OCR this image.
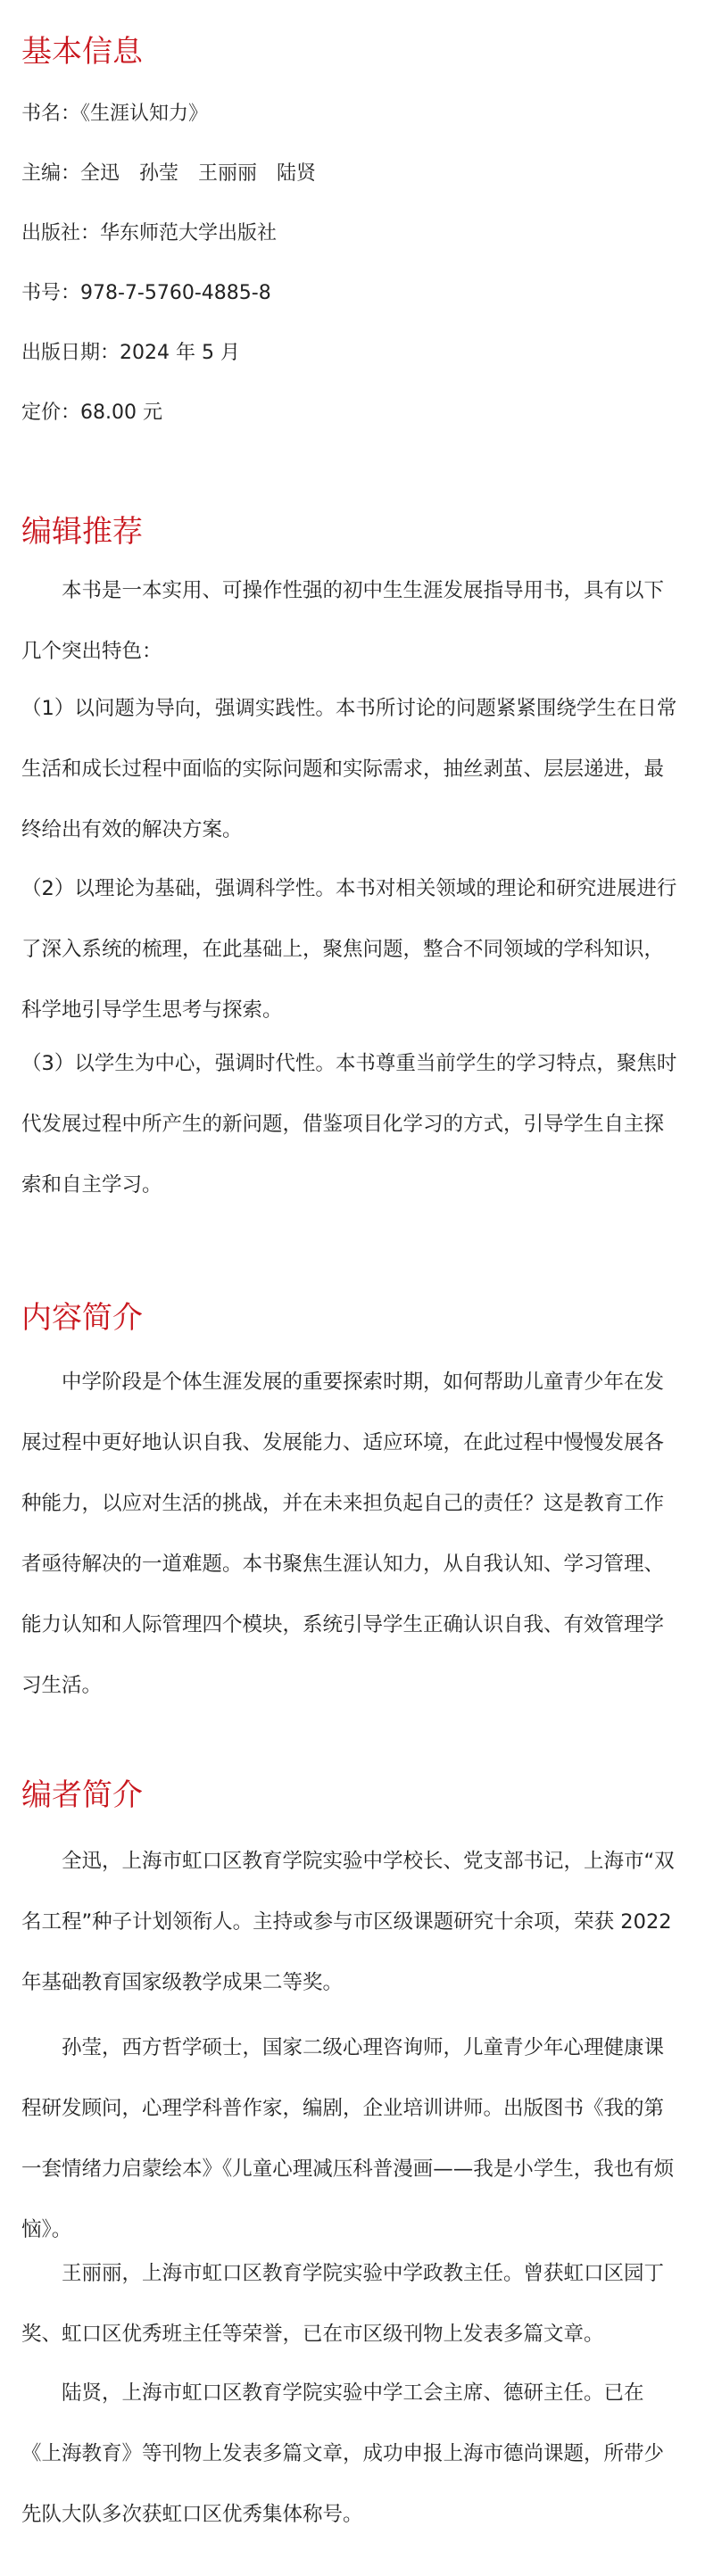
基本信息
书名：《生涯认知力》
主编：全迅　孙莹　王丽丽　陆贤
出版社：华东师范大学出版社
书号：978-7-5760-4885-8
出版日期：2024 年 5 月
定价：68.00 元
编辑推荐

本书是一本实用、可操作性强的初中生生涯发展指导用书，具有以下几个突出特色：

（1）以问题为导向，强调实践性。本书所讨论的问题紧紧围绕学生在日常生活和成长过程中面临的实际问题和实际需求，抽丝剥茧、层层递进，最终给出有效的解决方案。

（2）以理论为基础，强调科学性。本书对相关领域的理论和研究进展进行了深入系统的梳理，在此基础上，聚焦问题，整合不同领域的学科知识，科学地引导学生思考与探索。

（3）以学生为中心，强调时代性。本书尊重当前学生的学习特点，聚焦时代发展过程中所产生的新问题，借鉴项目化学习的方式，引导学生自主探索和自主学习。

内容简介

中学阶段是个体生涯发展的重要探索时期，如何帮助儿童青少年在发展过程中更好地认识自我、发展能力、适应环境，在此过程中慢慢发展各种能力，以应对生活的挑战，并在未来担负起自己的责任？这是教育工作者亟待解决的一道难题。本书聚焦生涯认知力，从自我认知、学习管理、能力认知和人际管理四个模块，系统引导学生正确认识自我、有效管理学习生活。

编者简介

全迅，上海市虹口区教育学院实验中学校长、党支部书记，上海市“双名工程”种子计划领衔人。主持或参与市区级课题研究十余项，荣获 2022 年基础教育国家级教学成果二等奖。

孙莹，西方哲学硕士，国家二级心理咨询师，儿童青少年心理健康课程研发顾问，心理学科普作家，编剧，企业培训讲师。出版图书《我的第一套情绪力启蒙绘本》《儿童心理减压科普漫画——我是小学生，我也有烦恼》。

王丽丽，上海市虹口区教育学院实验中学政教主任。曾获虹口区园丁奖、虹口区优秀班主任等荣誉，已在市区级刊物上发表多篇文章。

陆贤，上海市虹口区教育学院实验中学工会主席、德研主任。已在《上海教育》等刊物上发表多篇文章，成功申报上海市德尚课题，所带少先队大队多次获虹口区优秀集体称号。
